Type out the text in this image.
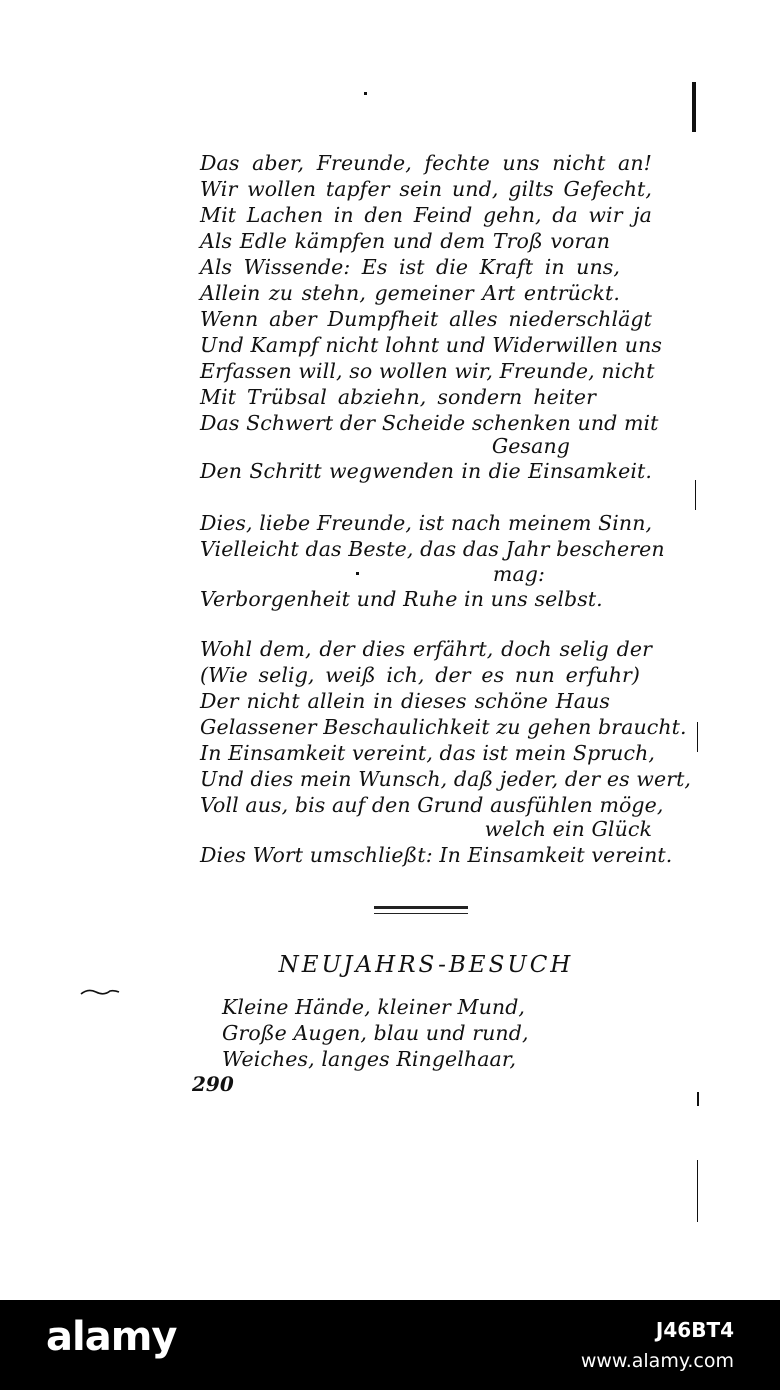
Das aber, Freunde, fechte uns nicht an!
Wir wollen tapfer sein und, gilts Gefecht,
Mit Lachen in den Feind gehn, da wir ja
Als Edle kämpfen und dem Troß voran
Als Wissende: Es ist die Kraft in uns,
Allein zu stehn, gemeiner Art entrückt.
Wenn aber Dumpfheit alles niederschlägt
Und Kampf nicht lohnt und Widerwillen uns
Erfassen will, so wollen wir, Freunde, nicht
Mit Trübsal abziehn, sondern heiter
Das Schwert der Scheide schenken und mit
Gesang
Den Schritt wegwenden in die Einsamkeit.
Dies, liebe Freunde, ist nach meinem Sinn,
Vielleicht das Beste, das das Jahr bescheren
mag:
Verborgenheit und Ruhe in uns selbst.
Wohl dem, der dies erfährt, doch selig der
(Wie selig, weiß ich, der es nun erfuhr)
Der nicht allein in dieses schöne Haus
Gelassener Beschaulichkeit zu gehen braucht.
In Einsamkeit vereint, das ist mein Spruch,
Und dies mein Wunsch, daß jeder, der es wert,
Voll aus, bis auf den Grund ausfühlen möge,
welch ein Glück
Dies Wort umschließt: In Einsamkeit vereint.
NEUJAHRS-BESUCH
Kleine Hände, kleiner Mund,
Große Augen, blau und rund,
Weiches, langes Ringelhaar,
290
alamy	J46BT4
www.alamy.com
